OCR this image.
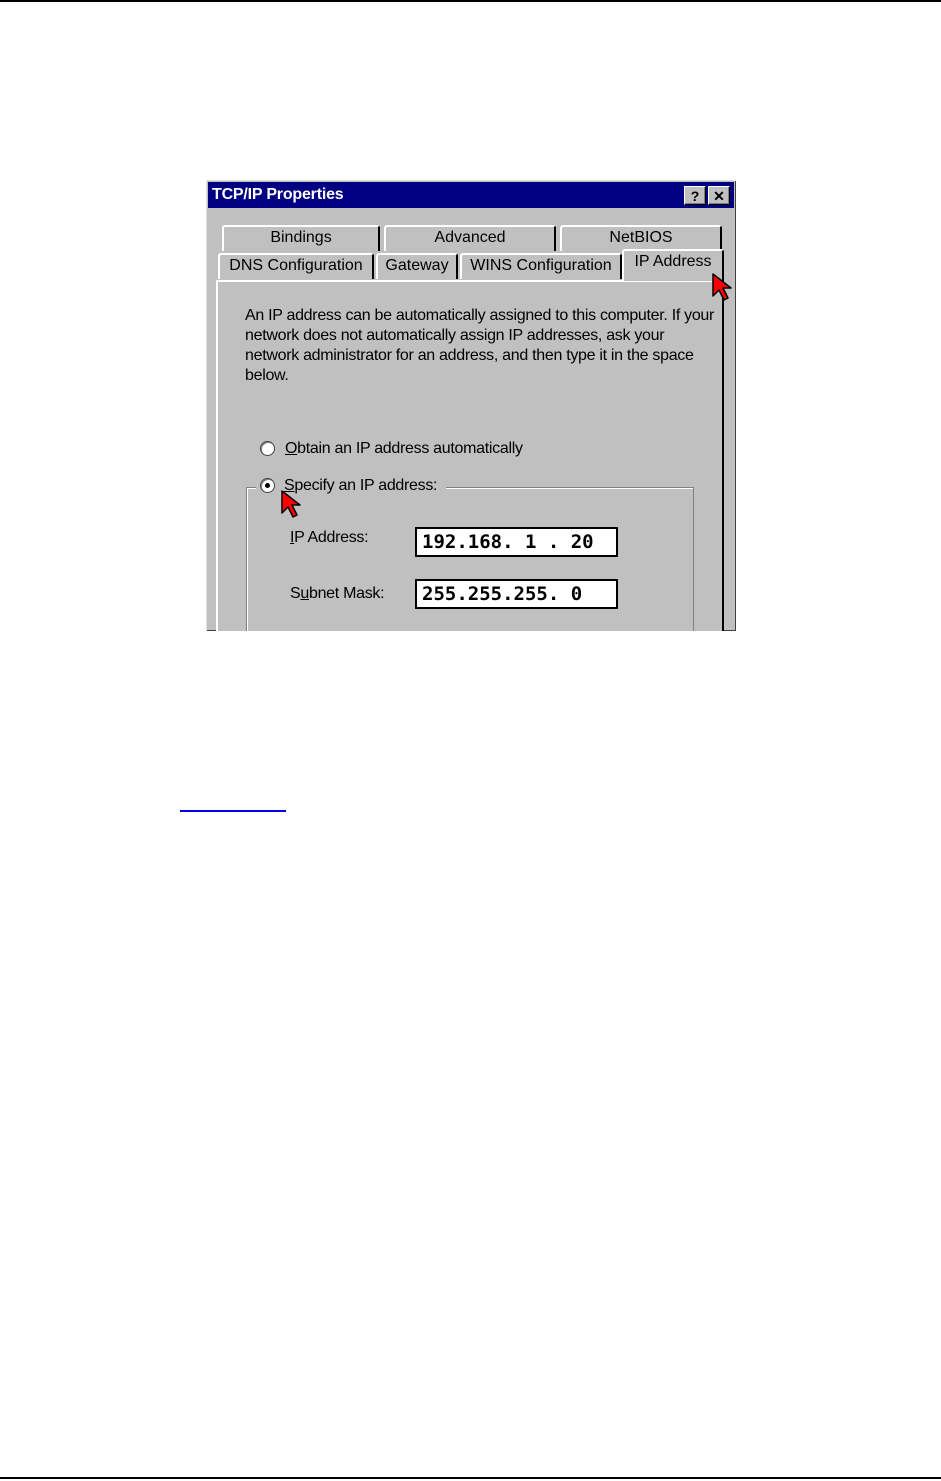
TCP/IP Properties	? ✕
Bindings	Advanced	NetBIOS
DNS Configuration	Gateway	WINS Configuration	IP Address
An IP address can be automatically assigned to this computer. If your network does not automatically assign IP addresses, ask your network administrator for an address, and then type it in the space below.
Obtain an IP address automatically
Specify an IP address:
IP Address:	192.168. 1 . 20
Subnet Mask:	255.255.255. 0
